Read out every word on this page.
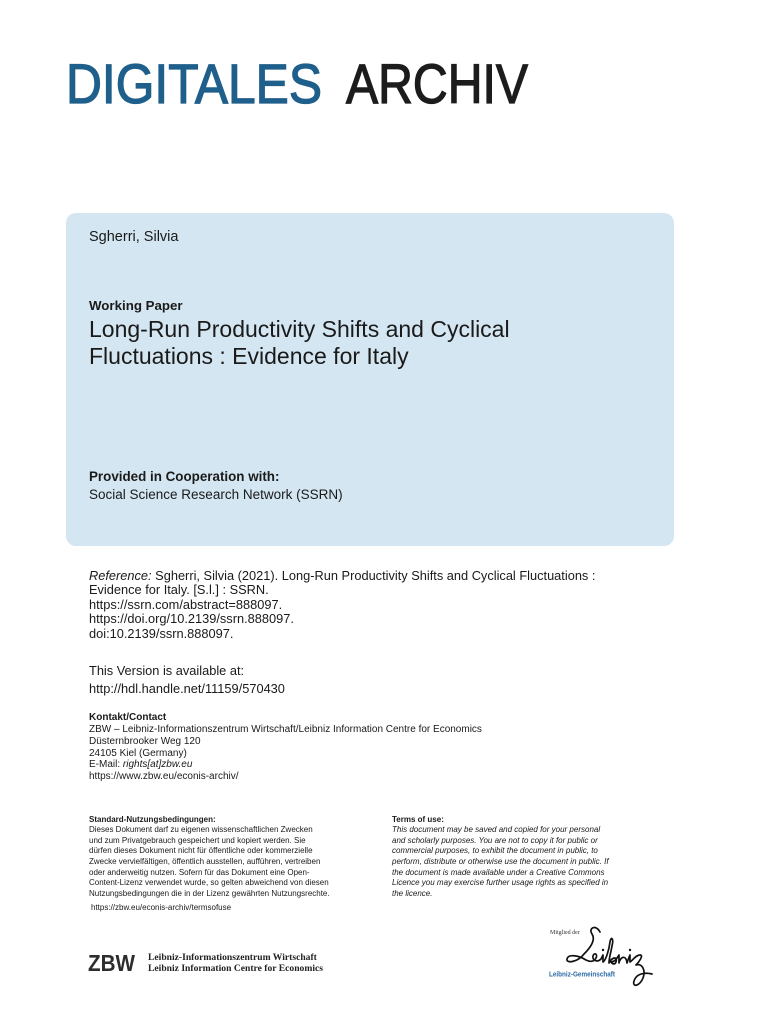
DIGITALES ARCHIV
Sgherri, Silvia
Working Paper
Long-Run Productivity Shifts and Cyclical Fluctuations : Evidence for Italy
Provided in Cooperation with:
Social Science Research Network (SSRN)
Reference: Sgherri, Silvia (2021). Long-Run Productivity Shifts and Cyclical Fluctuations :
Evidence for Italy. [S.l.] : SSRN.
https://ssrn.com/abstract=888097.
https://doi.org/10.2139/ssrn.888097.
doi:10.2139/ssrn.888097.
This Version is available at:
http://hdl.handle.net/11159/570430
Kontakt/Contact
ZBW – Leibniz-Informationszentrum Wirtschaft/Leibniz Information Centre for Economics
Düsternbrooker Weg 120
24105 Kiel (Germany)
E-Mail: rights[at]zbw.eu
https://www.zbw.eu/econis-archiv/
Standard-Nutzungsbedingungen:
Dieses Dokument darf zu eigenen wissenschaftlichen Zwecken
und zum Privatgebrauch gespeichert und kopiert werden. Sie
dürfen dieses Dokument nicht für öffentliche oder kommerzielle
Zwecke vervielfältigen, öffentlich ausstellen, aufführen, vertreiben
oder anderweitig nutzen. Sofern für das Dokument eine Open-
Content-Lizenz verwendet wurde, so gelten abweichend von diesen
Nutzungsbedingungen die in der Lizenz gewährten Nutzungsrechte.
Terms of use:
This document may be saved and copied for your personal
and scholarly purposes. You are not to copy it for public or
commercial purposes, to exhibit the document in public, to
perform, distribute or otherwise use the document in public. If
the document is made available under a Creative Commons
Licence you may exercise further usage rights as specified in
the licence.
https://zbw.eu/econis-archiv/termsofuse
ZBW Leibniz-Informationszentrum Wirtschaft
Leibniz Information Centre for Economics
Mitglied der
Leibniz-Gemeinschaft
